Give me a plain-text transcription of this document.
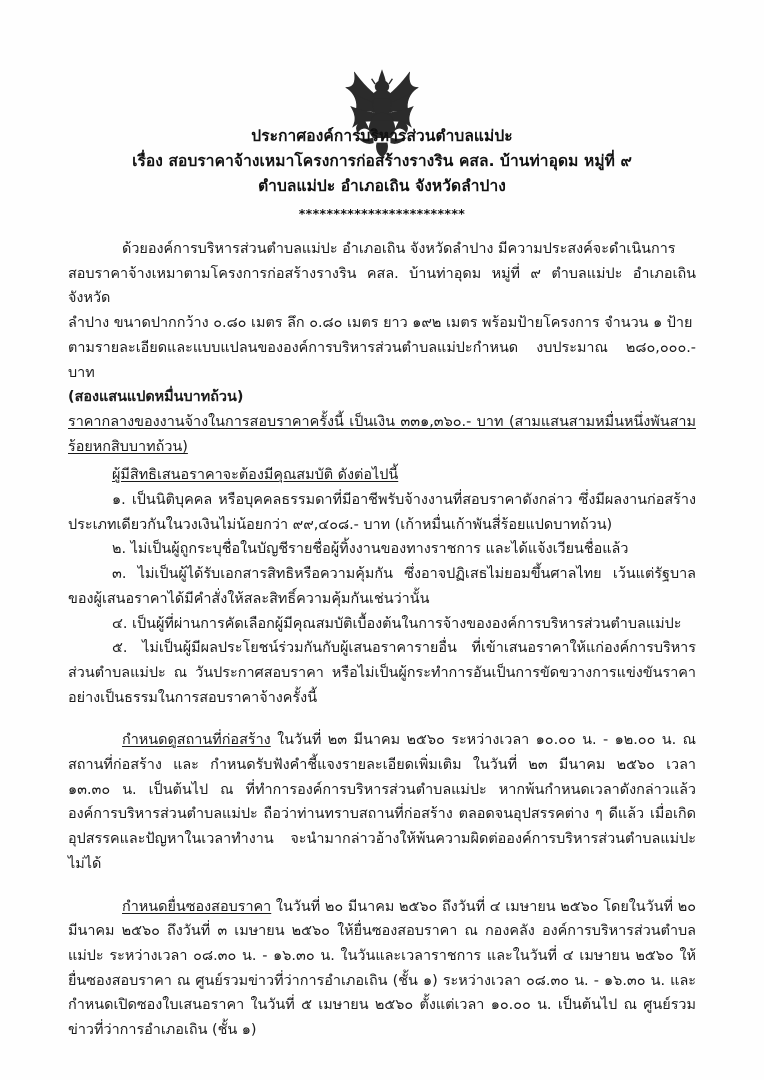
ประกาศองค์การบริหารส่วนตำบลแม่ปะ
เรื่อง สอบราคาจ้างเหมาโครงการก่อสร้างรางริน คสล. บ้านท่าอุดม หมู่ที่ ๙
ตำบลแม่ปะ อำเภอเถิน จังหวัดลำปาง
************************

ด้วยองค์การบริหารส่วนตำบลแม่ปะ อำเภอเถิน จังหวัดลำปาง มีความประสงค์จะดำเนินการ

สอบราคาจ้างเหมาตามโครงการก่อสร้างรางริน คสล. บ้านท่าอุดม หมู่ที่ ๙ ตำบลแม่ปะ อำเภอเถิน จังหวัด

ลำปาง ขนาดปากกว้าง ๐.๘๐ เมตร ลึก ๐.๘๐ เมตร ยาว ๑๙๒ เมตร พร้อมป้ายโครงการ จำนวน ๑ ป้าย

ตามรายละเอียดและแบบแปลนขององค์การบริหารส่วนตำบลแม่ปะกำหนด งบประมาณ ๒๘๐,๐๐๐.- บาท

(สองแสนแปดหมื่นบาทถ้วน)

ราคากลางของงานจ้างในการสอบราคาครั้งนี้ เป็นเงิน ๓๓๑,๓๖๐.- บาท (สามแสนสามหมื่นหนึ่งพันสามร้อยหกสิบบาทถ้วน)

ผู้มีสิทธิเสนอราคาจะต้องมีคุณสมบัติ ดังต่อไปนี้

๑. เป็นนิติบุคคล หรือบุคคลธรรมดาที่มีอาชีพรับจ้างงานที่สอบราคาดังกล่าว ซึ่งมีผลงานก่อสร้างประเภทเดียวกันในวงเงินไม่น้อยกว่า ๙๙,๔๐๘.- บาท (เก้าหมื่นเก้าพันสี่ร้อยแปดบาทถ้วน)

๒. ไม่เป็นผู้ถูกระบุชื่อในบัญชีรายชื่อผู้ทิ้งงานของทางราชการ และได้แจ้งเวียนชื่อแล้ว

๓. ไม่เป็นผู้ได้รับเอกสารสิทธิหรือความคุ้มกัน ซึ่งอาจปฏิเสธไม่ยอมขึ้นศาลไทย เว้นแต่รัฐบาลของผู้เสนอราคาได้มีคำสั่งให้สละสิทธิ์ความคุ้มกันเช่นว่านั้น

๔. เป็นผู้ที่ผ่านการคัดเลือกผู้มีคุณสมบัติเบื้องต้นในการจ้างขององค์การบริหารส่วนตำบลแม่ปะ

๕. ไม่เป็นผู้มีผลประโยชน์ร่วมกันกับผู้เสนอราคารายอื่น ที่เข้าเสนอราคาให้แก่องค์การบริหารส่วนตำบลแม่ปะ ณ วันประกาศสอบราคา หรือไม่เป็นผู้กระทำการอันเป็นการขัดขวางการแข่งขันราคาอย่างเป็นธรรมในการสอบราคาจ้างครั้งนี้

กำหนดดูสถานที่ก่อสร้าง ในวันที่ ๒๓ มีนาคม ๒๕๖๐ ระหว่างเวลา ๑๐.๐๐ น. - ๑๒.๐๐ น. ณ สถานที่ก่อสร้าง และ กำหนดรับฟังคำชี้แจงรายละเอียดเพิ่มเติม ในวันที่ ๒๓ มีนาคม ๒๕๖๐ เวลา ๑๓.๓๐ น. เป็นต้นไป ณ ที่ทำการองค์การบริหารส่วนตำบลแม่ปะ หากพ้นกำหนดเวลาดังกล่าวแล้ว องค์การบริหารส่วนตำบลแม่ปะ ถือว่าท่านทราบสถานที่ก่อสร้าง ตลอดจนอุปสรรคต่าง ๆ ดีแล้ว เมื่อเกิดอุปสรรคและปัญหาในเวลาทำงาน จะนำมากล่าวอ้างให้พ้นความผิดต่อองค์การบริหารส่วนตำบลแม่ปะไม่ได้

กำหนดยื่นซองสอบราคา ในวันที่ ๒๐ มีนาคม ๒๕๖๐ ถึงวันที่ ๔ เมษายน ๒๕๖๐ โดยในวันที่ ๒๐ มีนาคม ๒๕๖๐ ถึงวันที่ ๓ เมษายน ๒๕๖๐ ให้ยื่นซองสอบราคา ณ กองคลัง องค์การบริหารส่วนตำบลแม่ปะ ระหว่างเวลา ๐๘.๓๐ น. - ๑๖.๓๐ น. ในวันและเวลาราชการ และในวันที่ ๔ เมษายน ๒๕๖๐ ให้ยื่นซองสอบราคา ณ ศูนย์รวมข่าวที่ว่าการอำเภอเถิน (ชั้น ๑) ระหว่างเวลา ๐๘.๓๐ น. - ๑๖.๓๐ น. และกำหนดเปิดซองใบเสนอราคา ในวันที่ ๕ เมษายน ๒๕๖๐ ตั้งแต่เวลา ๑๐.๐๐ น. เป็นต้นไป ณ ศูนย์รวมข่าวที่ว่าการอำเภอเถิน (ชั้น ๑)
